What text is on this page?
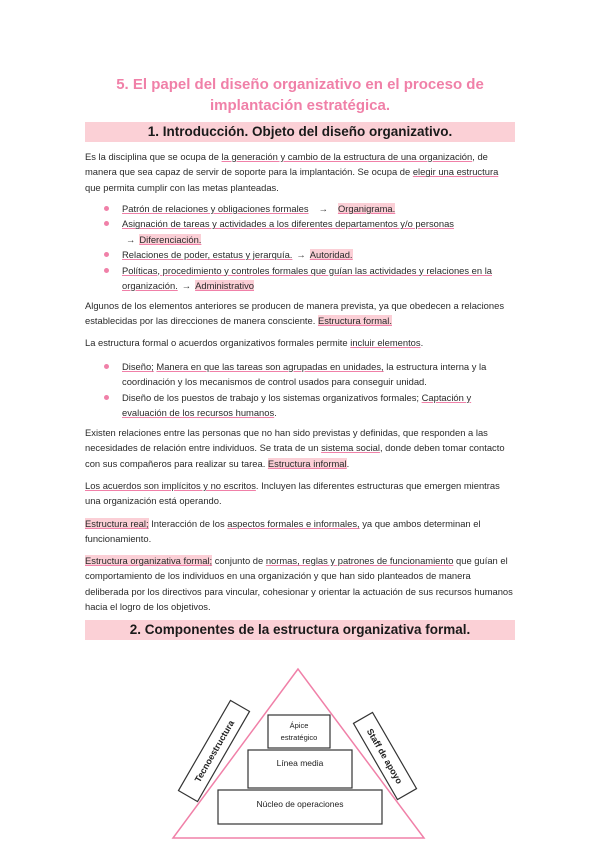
5. El papel del diseño organizativo en el proceso de
implantación estratégica.
1. Introducción. Objeto del diseño organizativo.
Es la disciplina que se ocupa de la generación y cambio de la estructura de una organización, de manera que sea capaz de servir de soporte para la implantación. Se ocupa de elegir una estructura que permita cumplir con las metas planteadas.
Patrón de relaciones y obligaciones formales → Organigrama.
Asignación de tareas y actividades a los diferentes departamentos y/o personas
→ Diferenciación.
Relaciones de poder, estatus y jerarquía. → Autoridad.
Políticas, procedimiento y controles formales que guían las actividades y relaciones en la organización. → Administrativo
Algunos de los elementos anteriores se producen de manera prevista, ya que obedecen a relaciones establecidas por las direcciones de manera consciente. Estructura formal.
La estructura formal o acuerdos organizativos formales permite incluir elementos.
Diseño; Manera en que las tareas son agrupadas en unidades, la estructura interna y la coordinación y los mecanismos de control usados para conseguir unidad.
Diseño de los puestos de trabajo y los sistemas organizativos formales; Captación y evaluación de los recursos humanos.
Existen relaciones entre las personas que no han sido previstas y definidas, que responden a las necesidades de relación entre individuos. Se trata de un sistema social, donde deben tomar contacto con sus compañeros para realizar su tarea. Estructura informal.
Los acuerdos son implícitos y no escritos. Incluyen las diferentes estructuras que emergen mientras una organización está operando.
Estructura real; Interacción de los aspectos formales e informales, ya que ambos determinan el funcionamiento.
Estructura organizativa formal; conjunto de normas, reglas y patrones de funcionamiento que guían el comportamiento de los individuos en una organización y que han sido planteados de manera deliberada por los directivos para vincular, cohesionar y orientar la actuación de sus recursos humanos hacia el logro de los objetivos.
2. Componentes de la estructura organizativa formal.
Ápice
estratégico
Línea media
Núcleo de operaciones
Tecnoestructura	Staff de apoyo
